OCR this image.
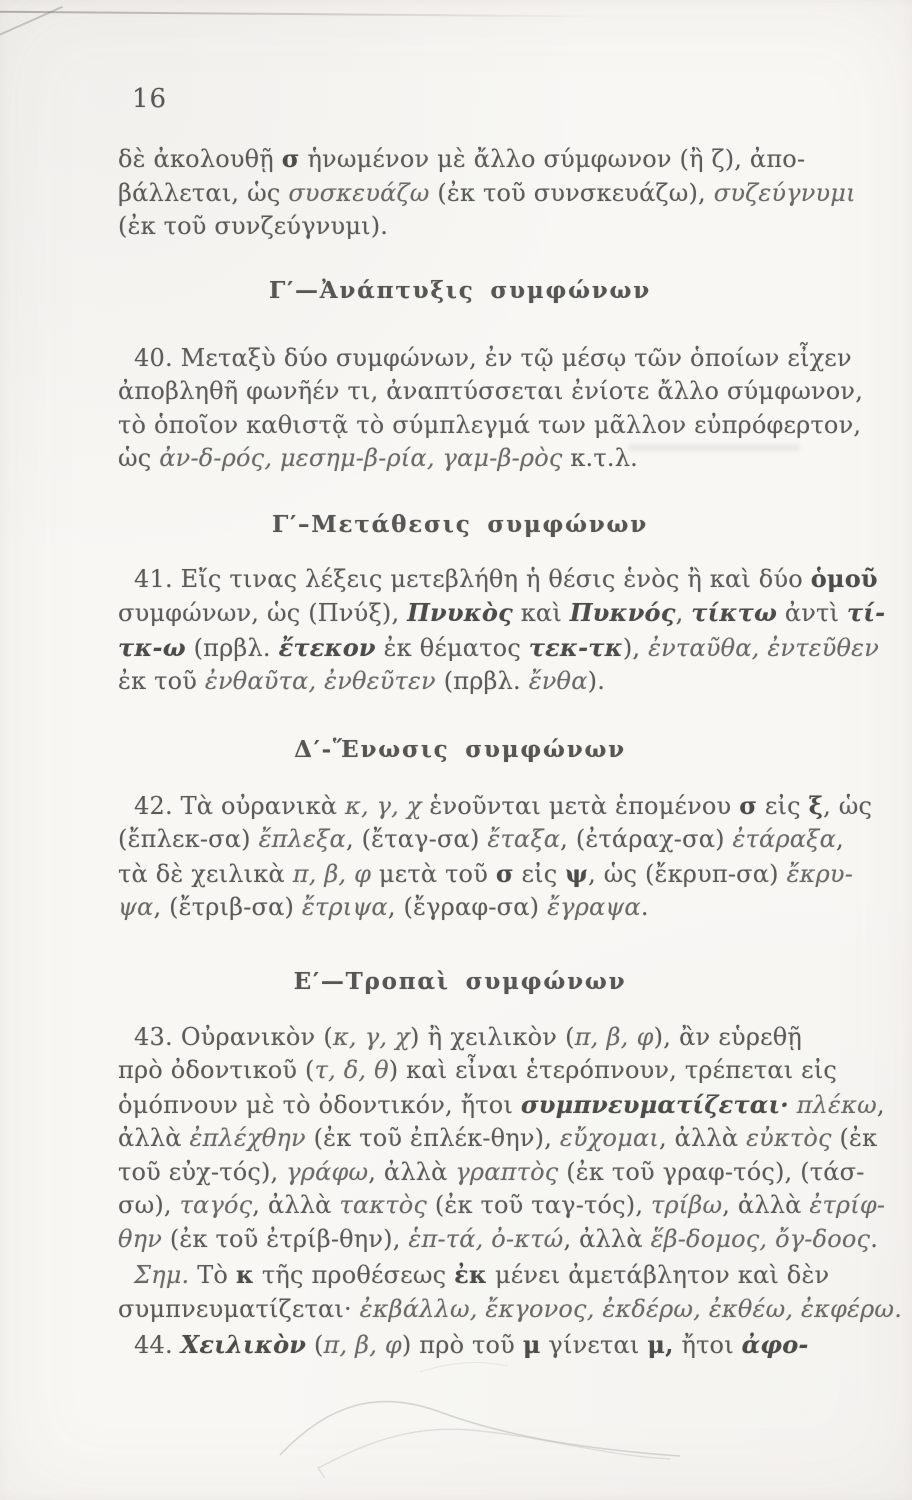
16
δὲ ἀκολουθῇ σ ἡνωμένον μὲ ἄλλο σύμφωνον (ἢ ζ), ἀπο-
βάλλεται, ὡς συσκευάζω (ἐκ τοῦ συνσκευάζω), συζεύγνυμι
(ἐκ τοῦ συνζεύγνυμι).
Γ′—Ἀνάπτυξις συμφώνων
40. Μεταξὺ δύο συμφώνων, ἐν τῷ μέσῳ τῶν ὁποίων εἶχεν
ἀποβληθῆ φωνῆέν τι, ἀναπτύσσεται ἐνίοτε ἄλλο σύμφωνον,
τὸ ὁποῖον καθιστᾷ τὸ σύμπλεγμά των μᾶλλον εὐπρόφερτον,
ὡς ἀν-δ-ρός, μεσημ-β-ρία, γαμ-β-ρὸς κ.τ.λ.
Γ′–Μετάθεσις συμφώνων
41. Εἴς τινας λέξεις μετεβλήθη ἡ θέσις ἑνὸς ἢ καὶ δύο ὁμοῦ
συμφώνων, ὡς (Πνύξ), Πνυκὸς καὶ Πυκνός, τίκτω ἀντὶ τί-
τκ-ω (πρβλ. ἔτεκον ἐκ θέματος τεκ-τκ), ἐνταῦθα, ἐντεῦθεν
ἐκ τοῦ ἐνθαῦτα, ἐνθεῦτεν (πρβλ. ἔνθα).
Δ′-Ἕνωσις συμφώνων
42. Τὰ οὐρανικὰ κ, γ, χ ἑνοῦνται μετὰ ἑπομένου σ εἰς ξ, ὡς
(ἔπλεκ-σα) ἔπλεξα, (ἔταγ-σα) ἔταξα, (ἐτάραχ-σα) ἐτάραξα,
τὰ δὲ χειλικὰ π, β, φ μετὰ τοῦ σ εἰς ψ, ὡς (ἔκρυπ-σα) ἔκρυ-
ψα, (ἔτριβ-σα) ἔτριψα, (ἔγραφ-σα) ἔγραψα.
Ε′—Τροπαὶ συμφώνων
43. Οὐρανικὸν (κ, γ, χ) ἢ χειλικὸν (π, β, φ), ἂν εὑρεθῇ
πρὸ ὀδοντικοῦ (τ, δ, θ) καὶ εἶναι ἑτερόπνουν, τρέπεται εἰς
ὁμόπνουν μὲ τὸ ὀδοντικόν, ἤτοι συμπνευματίζεται· πλέκω,
ἀλλὰ ἐπλέχθην (ἐκ τοῦ ἐπλέκ-θην), εὔχομαι, ἀλλὰ εὐκτὸς (ἐκ
τοῦ εὐχ-τός), γράφω, ἀλλὰ γραπτὸς (ἐκ τοῦ γραφ-τός), (τάσ-
σω), ταγός, ἀλλὰ τακτὸς (ἐκ τοῦ ταγ-τός), τρίβω, ἀλλὰ ἐτρίφ-
θην (ἐκ τοῦ ἐτρίβ-θην), ἑπ-τά, ὀ-κτώ, ἀλλὰ ἕβ-δομος, ὄγ-δοος.
Σημ. Τὸ κ τῆς προθέσεως ἐκ μένει ἀμετάβλητον καὶ δὲν
συμπνευματίζεται· ἐκβάλλω, ἔκγονος, ἐκδέρω, ἐκθέω, ἐκφέρω.
44. Χειλικὸν (π, β, φ) πρὸ τοῦ μ γίνεται μ, ἤτοι ἀφο-
